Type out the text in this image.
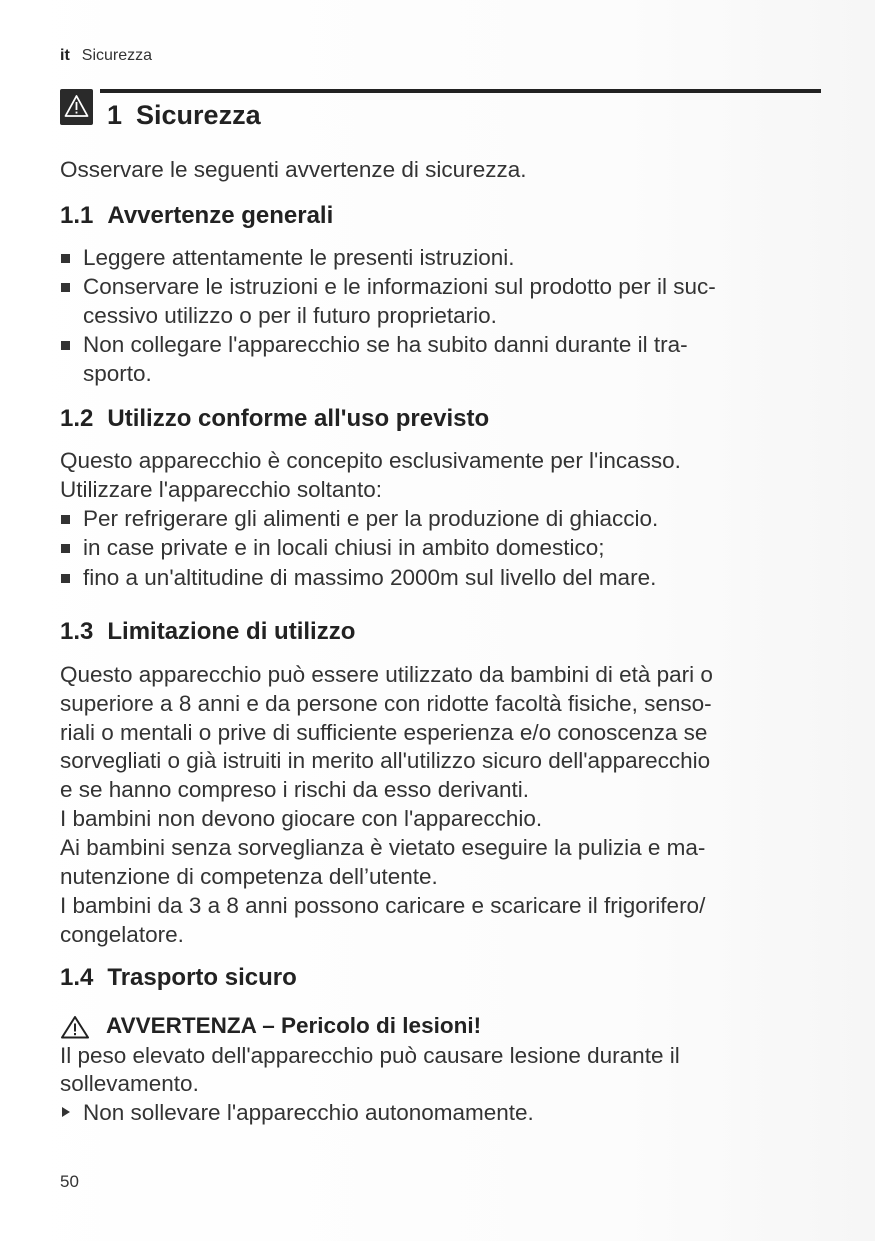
it Sicurezza
1 Sicurezza
Osservare le seguenti avvertenze di sicurezza.
1.1 Avvertenze generali
Leggere attentamente le presenti istruzioni.
Conservare le istruzioni e le informazioni sul prodotto per il suc-
cessivo utilizzo o per il futuro proprietario.
Non collegare l'apparecchio se ha subito danni durante il tra-
sporto.
1.2 Utilizzo conforme all'uso previsto
Questo apparecchio è concepito esclusivamente per l'incasso.
Utilizzare l'apparecchio soltanto:
Per refrigerare gli alimenti e per la produzione di ghiaccio.
in case private e in locali chiusi in ambito domestico;
fino a un'altitudine di massimo 2000m sul livello del mare.
1.3 Limitazione di utilizzo
Questo apparecchio può essere utilizzato da bambini di età pari o
superiore a 8 anni e da persone con ridotte facoltà fisiche, senso-
riali o mentali o prive di sufficiente esperienza e/o conoscenza se
sorvegliati o già istruiti in merito all'utilizzo sicuro dell'apparecchio
e se hanno compreso i rischi da esso derivanti.
I bambini non devono giocare con l'apparecchio.
Ai bambini senza sorveglianza è vietato eseguire la pulizia e ma-
nutenzione di competenza dell’utente.
I bambini da 3 a 8 anni possono caricare e scaricare il frigorifero/
congelatore.
1.4 Trasporto sicuro
AVVERTENZA – Pericolo di lesioni!
Il peso elevato dell'apparecchio può causare lesione durante il
sollevamento.
Non sollevare l'apparecchio autonomamente.
50
